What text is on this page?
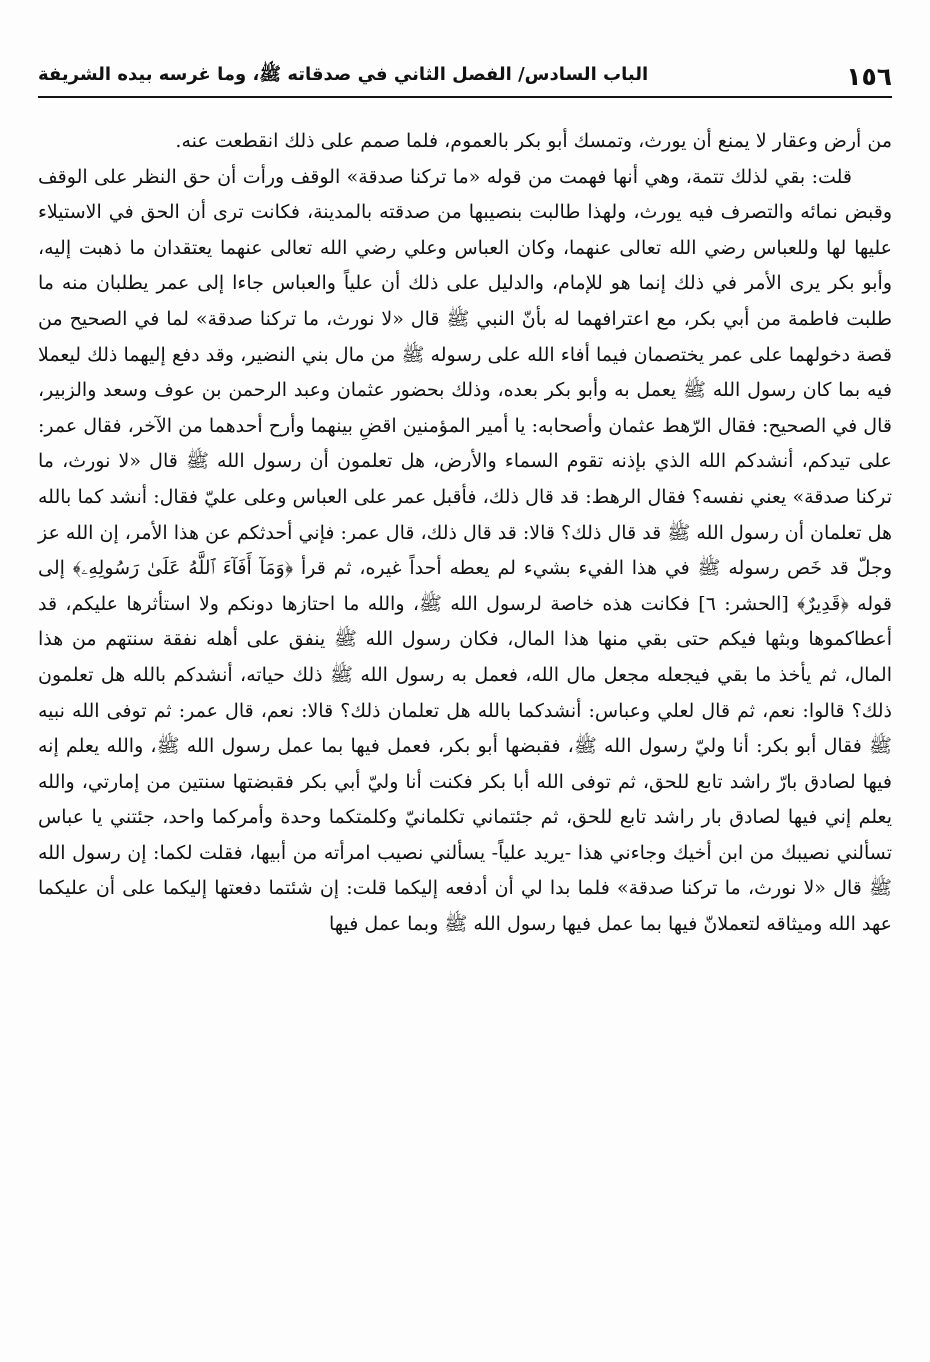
١٥٦
الباب السادس/ الفصل الثاني في صدقاته ﷺ، وما غرسه بيده الشريفة

من أرض وعقار لا يمنع أن يورث، وتمسك أبو بكر بالعموم، فلما صمم على ذلك انقطعت عنه.

قلت: بقي لذلك تتمة، وهي أنها فهمت من قوله «ما تركنا صدقة» الوقف ورأت أن حق النظر على الوقف وقبض نمائه والتصرف فيه يورث، ولهذا طالبت بنصيبها من صدقته بالمدينة، فكانت ترى أن الحق في الاستيلاء عليها لها وللعباس رضي الله تعالى عنهما، وكان العباس وعلي رضي الله تعالى عنهما يعتقدان ما ذهبت إليه، وأبو بكر يرى الأمر في ذلك إنما هو للإمام، والدليل على ذلك أن علياً والعباس جاءا إلى عمر يطلبان منه ما طلبت فاطمة من أبي بكر، مع اعترافهما له بأنّ النبي ﷺ قال «لا نورث، ما تركنا صدقة» لما في الصحيح من قصة دخولهما على عمر يختصمان فيما أفاء الله على رسوله ﷺ من مال بني النضير، وقد دفع إليهما ذلك ليعملا فيه بما كان رسول الله ﷺ يعمل به وأبو بكر بعده، وذلك بحضور عثمان وعبد الرحمن بن عوف وسعد والزبير، قال في الصحيح: فقال الرّهط عثمان وأصحابه: يا أمير المؤمنين اقضِ بينهما وأرح أحدهما من الآخر، فقال عمر: على تيدكم، أنشدكم الله الذي بإذنه تقوم السماء والأرض، هل تعلمون أن رسول الله ﷺ قال «لا نورث، ما تركنا صدقة» يعني نفسه؟ فقال الرهط: قد قال ذلك، فأقبل عمر على العباس وعلى عليّ فقال: أنشد كما بالله هل تعلمان أن رسول الله ﷺ قد قال ذلك؟ قالا: قد قال ذلك، قال عمر: فإني أحدثكم عن هذا الأمر، إن الله عز وجلّ قد خَص رسوله ﷺ في هذا الفيء بشيء لم يعطه أحداً غيره، ثم قرأ ﴿وَمَآ أَفَآءَ ٱللَّهُ عَلَىٰ رَسُولِهِۦ﴾ إلى قوله ﴿قَدِيرٌ﴾ [الحشر: ٦] فكانت هذه خاصة لرسول الله ﷺ، والله ما احتازها دونكم ولا استأثرها عليكم، قد أعطاكموها وبثها فيكم حتى بقي منها هذا المال، فكان رسول الله ﷺ ينفق على أهله نفقة سنتهم من هذا المال، ثم يأخذ ما بقي فيجعله مجعل مال الله، فعمل به رسول الله ﷺ ذلك حياته، أنشدكم بالله هل تعلمون ذلك؟ قالوا: نعم، ثم قال لعلي وعباس: أنشدكما بالله هل تعلمان ذلك؟ قالا: نعم، قال عمر: ثم توفى الله نبيه ﷺ فقال أبو بكر: أنا وليّ رسول الله ﷺ، فقبضها أبو بكر، فعمل فيها بما عمل رسول الله ﷺ، والله يعلم إنه فيها لصادق بارّ راشد تابع للحق، ثم توفى الله أبا بكر فكنت أنا وليّ أبي بكر فقبضتها سنتين من إمارتي، والله يعلم إني فيها لصادق بار راشد تابع للحق، ثم جئتماني تكلمانيّ وكلمتكما وحدة وأمركما واحد، جئتني يا عباس تسألني نصيبك من ابن أخيك وجاءني هذا -يريد علياً- يسألني نصيب امرأته من أبيها، فقلت لكما: إن رسول الله ﷺ قال «لا نورث، ما تركنا صدقة» فلما بدا لي أن أدفعه إليكما قلت: إن شئتما دفعتها إليكما على أن عليكما عهد الله وميثاقه لتعملانّ فيها بما عمل فيها رسول الله ﷺ وبما عمل فيها
